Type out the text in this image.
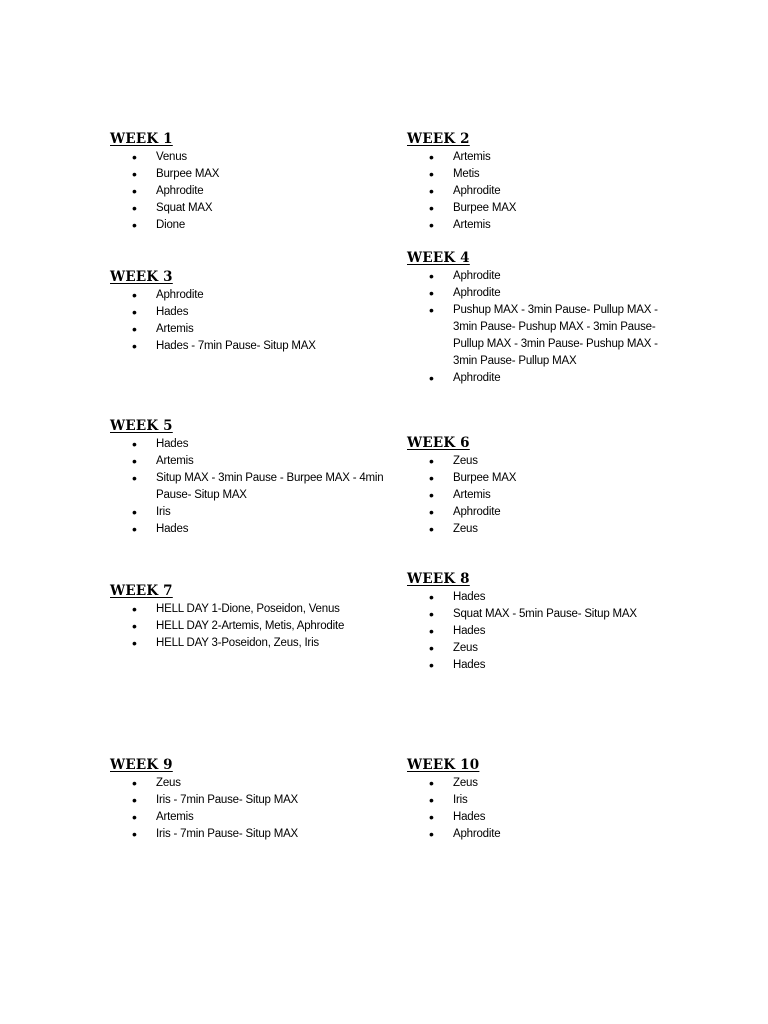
WEEK 1
• Venus
• Burpee MAX
• Aphrodite
• Squat MAX
• Dione
WEEK 2
• Artemis
• Metis
• Aphrodite
• Burpee MAX
• Artemis
WEEK 3
• Aphrodite
• Hades
• Artemis
• Hades - 7min Pause- Situp MAX
WEEK 4
• Aphrodite
• Aphrodite
• Pushup MAX - 3min Pause- Pullup MAX - 3min Pause- Pushup MAX - 3min Pause- Pullup MAX - 3min Pause- Pushup MAX - 3min Pause- Pullup MAX
• Aphrodite
WEEK 5
• Hades
• Artemis
• Situp MAX - 3min Pause - Burpee MAX - 4min Pause- Situp MAX
• Iris
• Hades
WEEK 6
• Zeus
• Burpee MAX
• Artemis
• Aphrodite
• Zeus
WEEK 7
• HELL DAY 1-Dione, Poseidon, Venus
• HELL DAY 2-Artemis, Metis, Aphrodite
• HELL DAY 3-Poseidon, Zeus, Iris
WEEK 8
• Hades
• Squat MAX - 5min Pause- Situp MAX
• Hades
• Zeus
• Hades
WEEK 9
• Zeus
• Iris - 7min Pause- Situp MAX
• Artemis
• Iris - 7min Pause- Situp MAX
WEEK 10
• Zeus
• Iris
• Hades
• Aphrodite
